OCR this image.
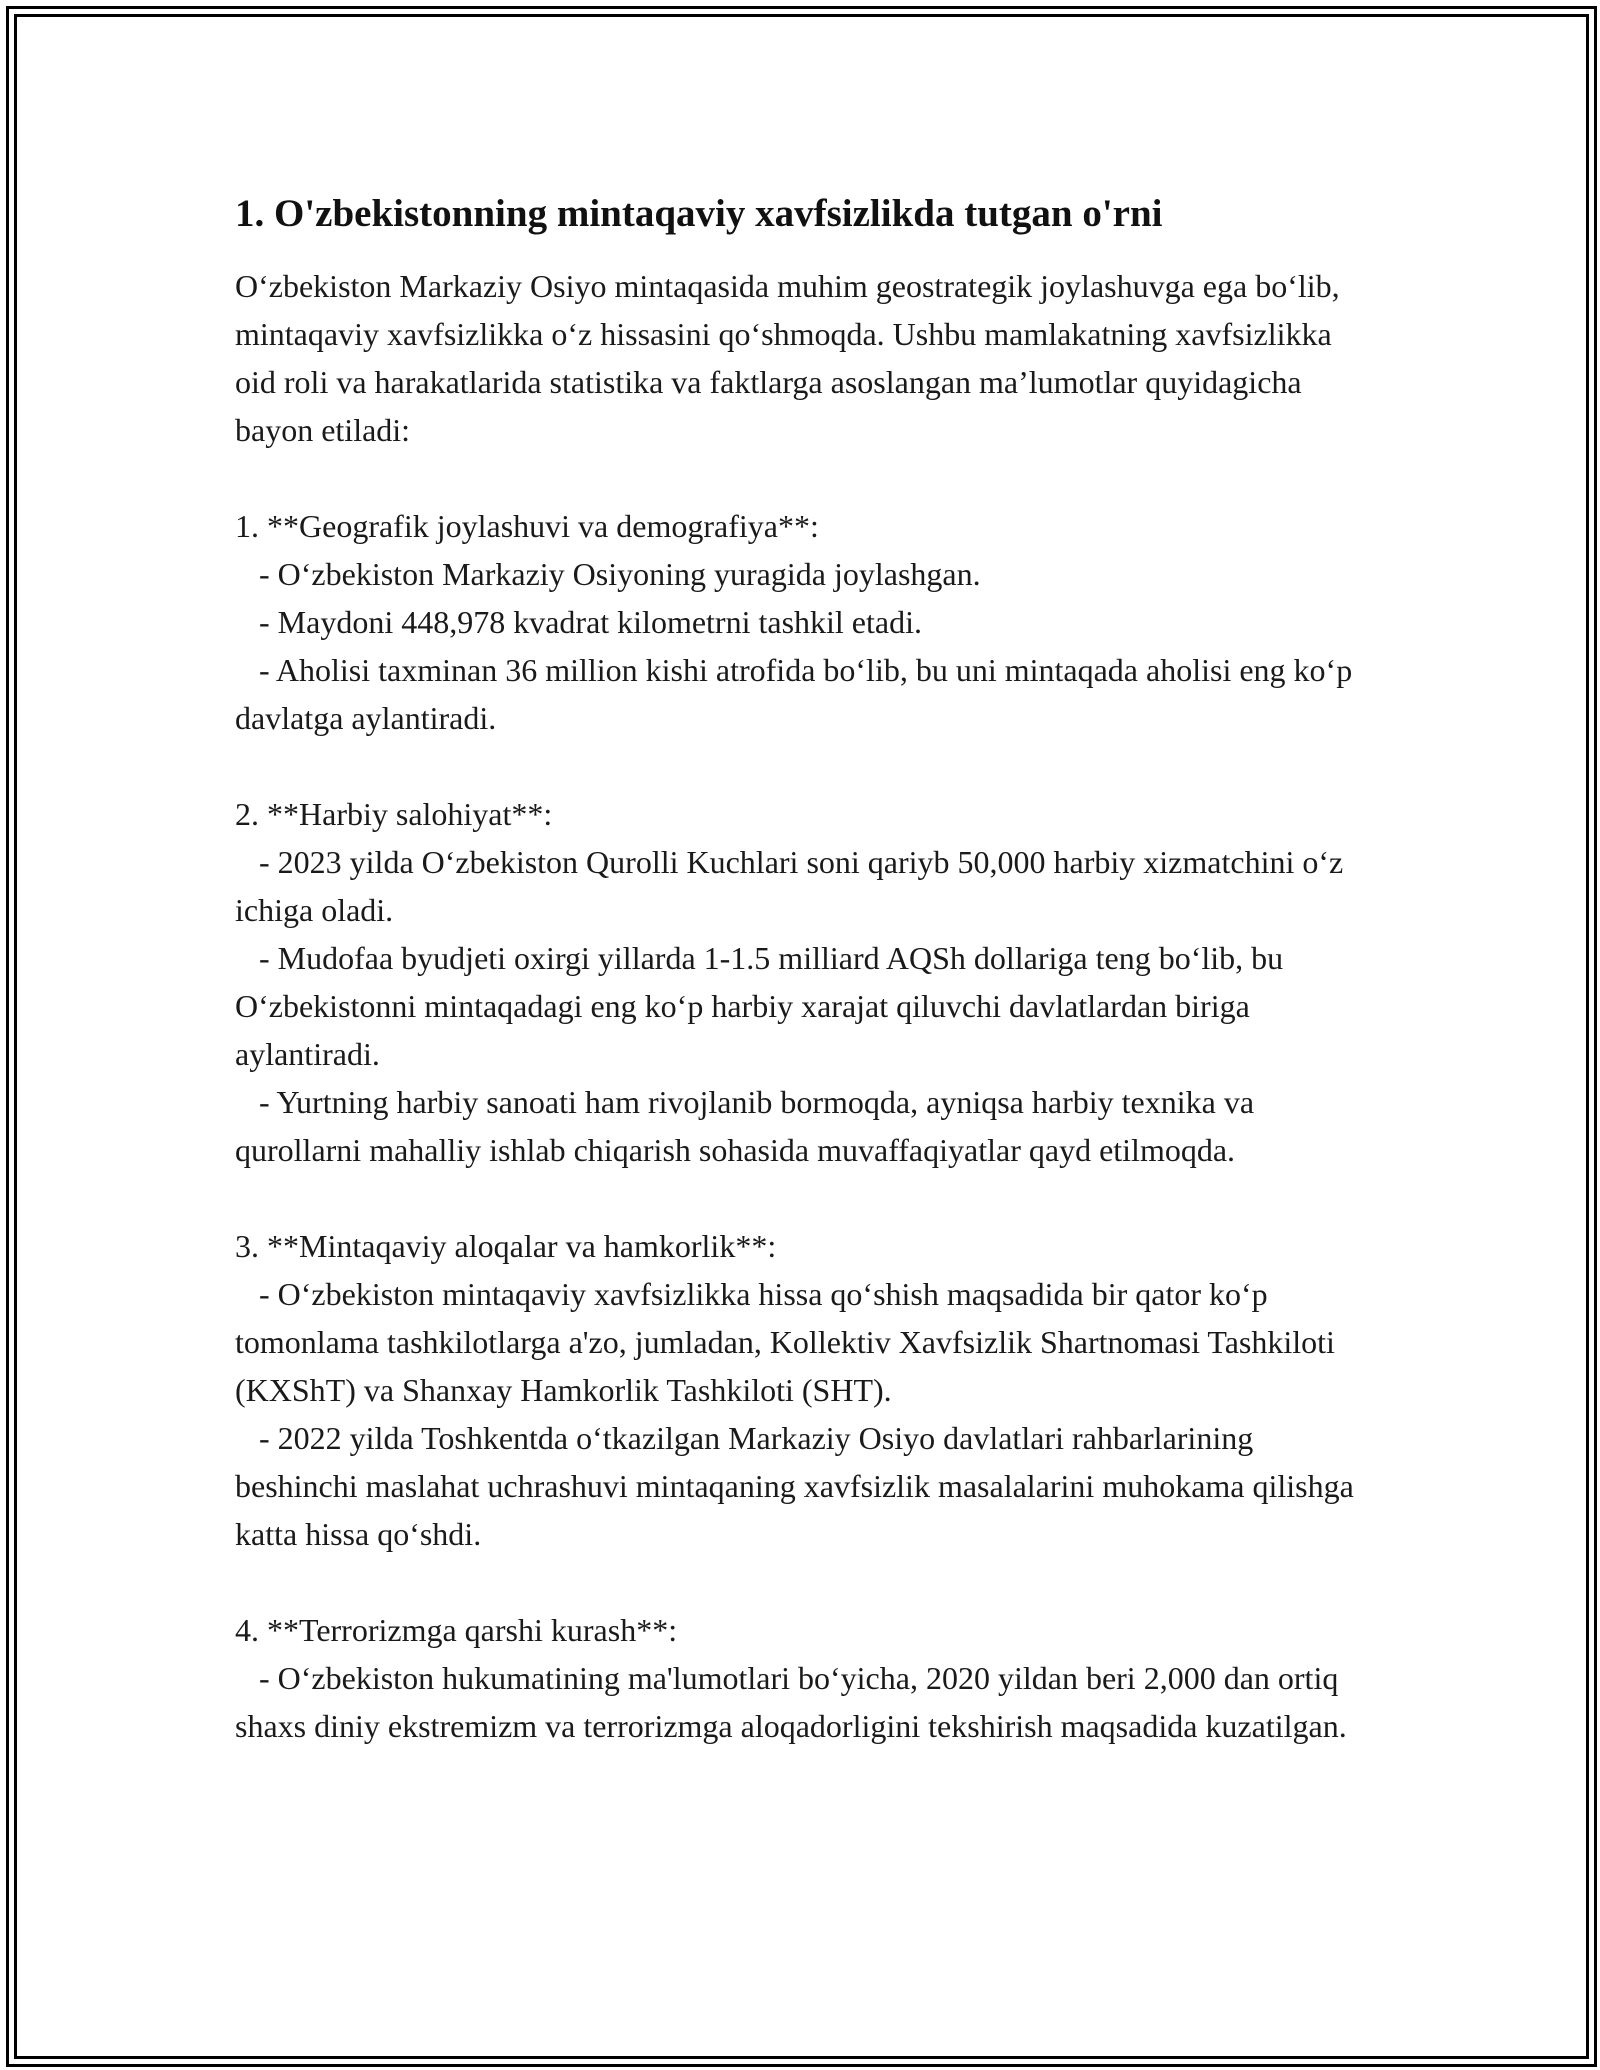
1. O'zbekistonning mintaqaviy xavfsizlikda tutgan o'rni

O‘zbekiston Markaziy Osiyo mintaqasida muhim geostrategik joylashuvga ega bo‘lib, mintaqaviy xavfsizlikka o‘z hissasini qo‘shmoqda. Ushbu mamlakatning xavfsizlikka oid roli va harakatlarida statistika va faktlarga asoslangan ma’lumotlar quyidagicha bayon etiladi:

1. **Geografik joylashuvi va demografiya**:

- O‘zbekiston Markaziy Osiyoning yuragida joylashgan.

- Maydoni 448,978 kvadrat kilometrni tashkil etadi.

- Aholisi taxminan 36 million kishi atrofida bo‘lib, bu uni mintaqada aholisi eng ko‘p davlatga aylantiradi.

2. **Harbiy salohiyat**:

- 2023 yilda O‘zbekiston Qurolli Kuchlari soni qariyb 50,000 harbiy xizmatchini o‘z ichiga oladi.

- Mudofaa byudjeti oxirgi yillarda 1-1.5 milliard AQSh dollariga teng bo‘lib, bu O‘zbekistonni mintaqadagi eng ko‘p harbiy xarajat qiluvchi davlatlardan biriga aylantiradi.

- Yurtning harbiy sanoati ham rivojlanib bormoqda, ayniqsa harbiy texnika va qurollarni mahalliy ishlab chiqarish sohasida muvaffaqiyatlar qayd etilmoqda.

3. **Mintaqaviy aloqalar va hamkorlik**:

- O‘zbekiston mintaqaviy xavfsizlikka hissa qo‘shish maqsadida bir qator ko‘p tomonlama tashkilotlarga a'zo, jumladan, Kollektiv Xavfsizlik Shartnomasi Tashkiloti (KXShT) va Shanxay Hamkorlik Tashkiloti (SHT).

- 2022 yilda Toshkentda o‘tkazilgan Markaziy Osiyo davlatlari rahbarlarining beshinchi maslahat uchrashuvi mintaqaning xavfsizlik masalalarini muhokama qilishga katta hissa qo‘shdi.

4. **Terrorizmga qarshi kurash**:

- O‘zbekiston hukumatining ma'lumotlari bo‘yicha, 2020 yildan beri 2,000 dan ortiq shaxs diniy ekstremizm va terrorizmga aloqadorligini tekshirish maqsadida kuzatilgan.
